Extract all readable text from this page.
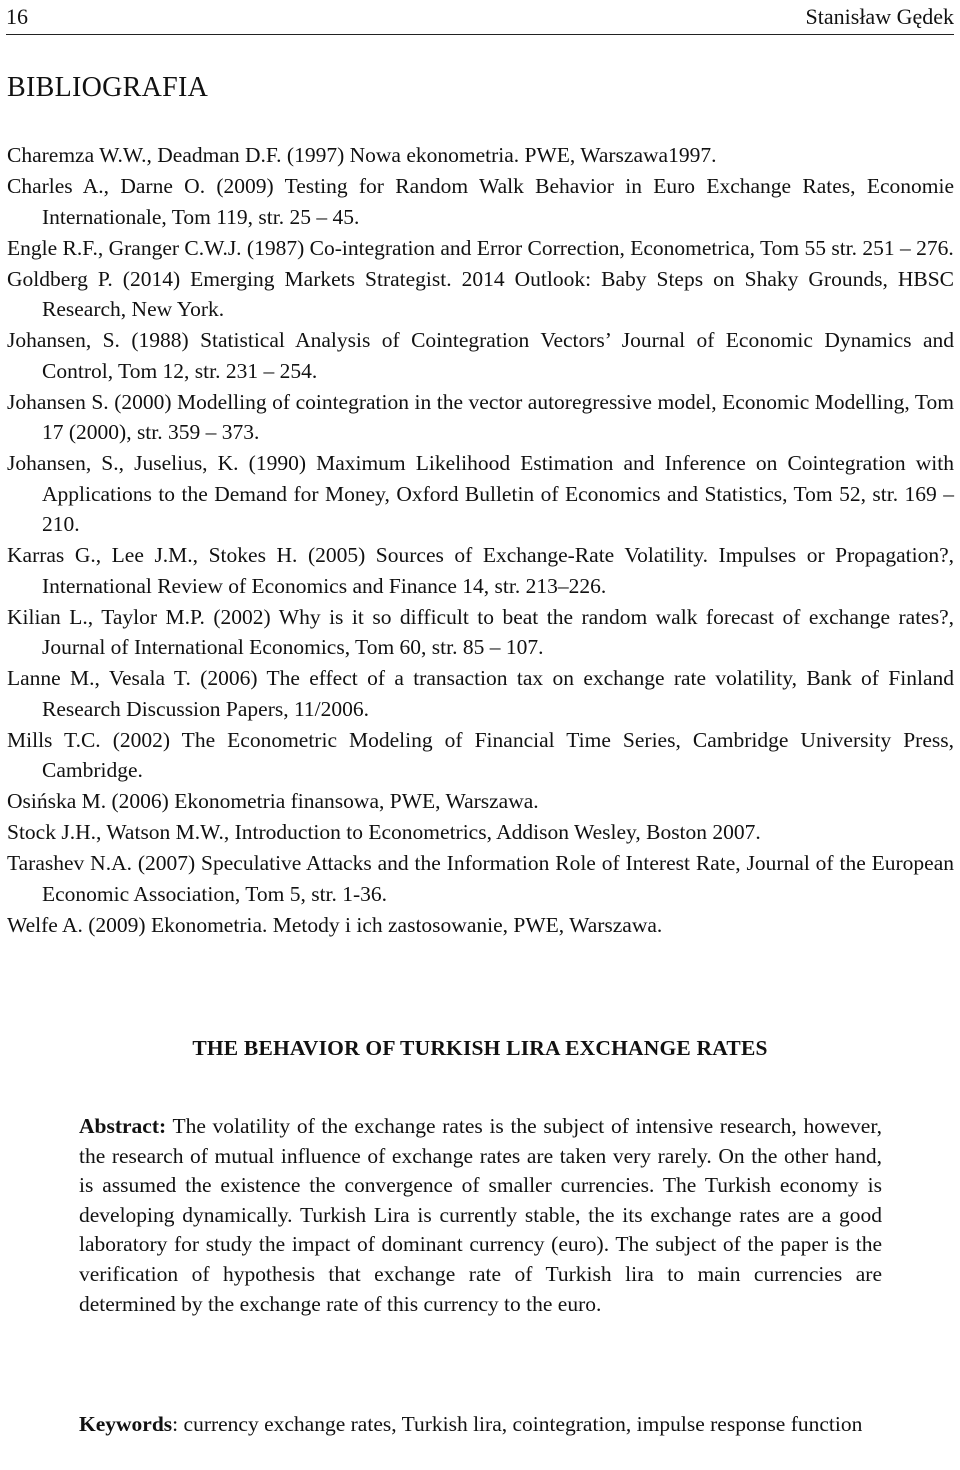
16	Stanisław Gędek
BIBLIOGRAFIA
Charemza W.W., Deadman D.F. (1997) Nowa ekonometria. PWE, Warszawa1997.
Charles A., Darne O. (2009) Testing for Random Walk Behavior in Euro Exchange Rates, Economie Internationale, Tom 119, str. 25 – 45.
Engle R.F., Granger C.W.J. (1987) Co-integration and Error Correction, Econometrica, Tom 55 str. 251 – 276.
Goldberg P. (2014) Emerging Markets Strategist. 2014 Outlook: Baby Steps on Shaky Grounds, HBSC Research, New York.
Johansen, S. (1988) Statistical Analysis of Cointegration Vectors’ Journal of Economic Dynamics and Control, Tom 12, str. 231 – 254.
Johansen S. (2000) Modelling of cointegration in the vector autoregressive model, Economic Modelling, Tom 17 (2000), str. 359 – 373.
Johansen, S., Juselius, K. (1990) Maximum Likelihood Estimation and Inference on Cointegration with Applications to the Demand for Money, Oxford Bulletin of Economics and Statistics, Tom 52, str. 169 – 210.
Karras G., Lee J.M., Stokes H. (2005) Sources of Exchange-Rate Volatility. Impulses or Propagation?, International Review of Economics and Finance 14, str. 213–226.
Kilian L., Taylor M.P. (2002) Why is it so difficult to beat the random walk forecast of exchange rates?, Journal of International Economics, Tom 60, str. 85 – 107.
Lanne M., Vesala T. (2006) The effect of a transaction tax on exchange rate volatility, Bank of Finland Research Discussion Papers, 11/2006.
Mills T.C. (2002) The Econometric Modeling of Financial Time Series, Cambridge University Press, Cambridge.
Osińska M. (2006) Ekonometria finansowa, PWE, Warszawa.
Stock J.H., Watson M.W., Introduction to Econometrics, Addison Wesley, Boston 2007.
Tarashev N.A. (2007) Speculative Attacks and the Information Role of Interest Rate, Journal of the European Economic Association, Tom 5, str. 1-36.
Welfe A. (2009) Ekonometria. Metody i ich zastosowanie, PWE, Warszawa.
THE BEHAVIOR OF TURKISH LIRA EXCHANGE RATES

Abstract: The volatility of the exchange rates is the subject of intensive research, however, the research of mutual influence of exchange rates are taken very rarely. On the other hand, is assumed the existence the convergence of smaller currencies. The Turkish economy is developing dynamically. Turkish Lira is currently stable, the its exchange rates are a good laboratory for study the impact of dominant currency (euro). The subject of the paper is the verification of hypothesis that exchange rate of Turkish lira to main currencies are determined by the exchange rate of this currency to the euro.

Keywords: currency exchange rates, Turkish lira, cointegration, impulse response function
